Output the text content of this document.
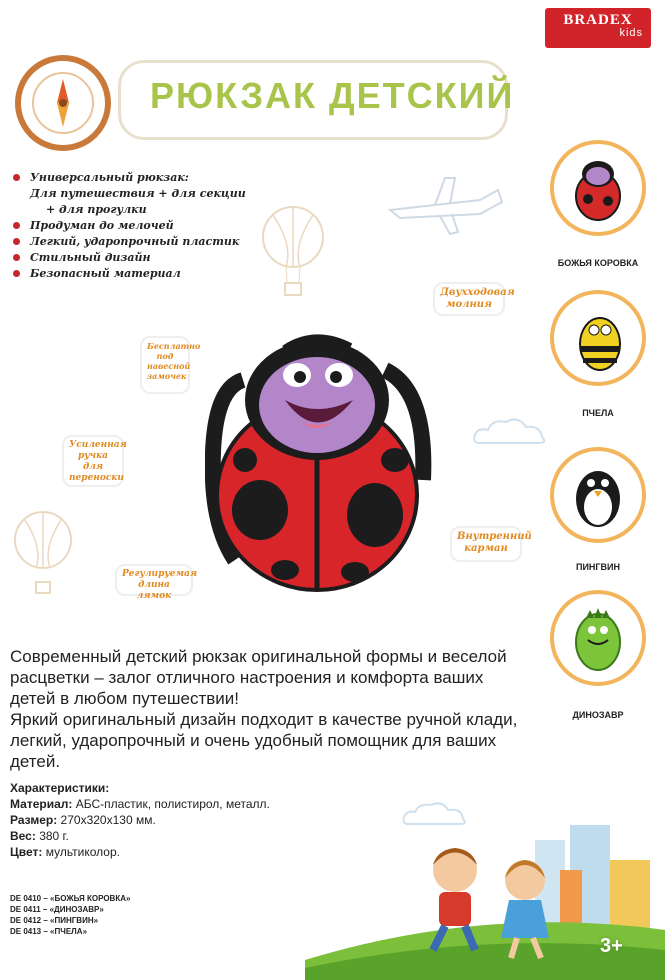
BRADEX
kids
РЮКЗАК ДЕТСКИЙ

Универсальный рюкзак:

Для путешествия + для секции

+ для прогулки

Продуман до мелочей

Легкий, ударопрочный пластик

Стильный дизайн

Безопасный материал

Двухходовая молния
Бесплатно под навесной замочек
Усиленная ручка для переноски
Внутренний карман
Регулируемая длина лямок
БОЖЬЯ КОРОВКА
ПЧЕЛА
ПИНГВИН
ДИНОЗАВР

Современный детский рюкзак оригинальной формы и веселой расцветки – залог отличного настроения и комфорта ваших детей в любом путешествии!

Яркий оригинальный дизайн подходит в качестве ручной клади, легкий, ударопрочный и очень удобный помощник для ваших детей.

Характеристики:
Материал: АБС-пластик, полистирол, металл.
Размер: 270х320х130 мм.
Вес: 380 г.
Цвет: мультиколор.
DE 0410 – «БОЖЬЯ КОРОВКА»
DE 0411 – «ДИНОЗАВР»
DE 0412 – «ПИНГВИН»
DE 0413 – «ПЧЕЛА»
3+
